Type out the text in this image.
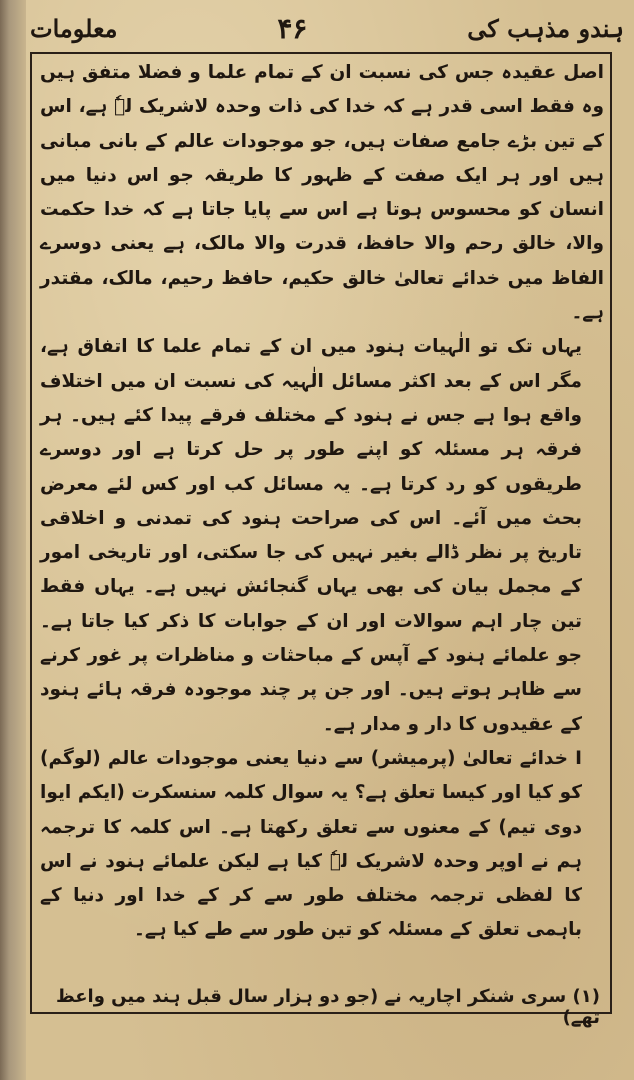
ہندو مذہب کی
۴۶
معلومات

اصل عقیدہ جس کی نسبت ان کے تمام علما و فضلا متفق ہیں وہ فقط اسی قدر ہے کہ خدا کی ذات وحدہ لاشریک لہٗ ہے، اس کے تین بڑے جامع صفات ہیں، جو موجودات عالم کے بانی مبانی ہیں اور ہر ایک صفت کے ظہور کا طریقہ جو اس دنیا میں انسان کو محسوس ہوتا ہے اس سے پایا جاتا ہے کہ خدا حکمت والا، خالق رحم والا حافظ، قدرت والا مالک، ہے یعنی دوسرے الفاظ میں خدائے تعالیٰ خالق حکیم، حافظ رحیم، مالک، مقتدر ہے۔

یہاں تک تو الٰہیات ہنود میں ان کے تمام علما کا اتفاق ہے، مگر اس کے بعد اکثر مسائل الٰہیہ کی نسبت ان میں اختلاف واقع ہوا ہے جس نے ہنود کے مختلف فرقے پیدا کئے ہیں۔ ہر فرقہ ہر مسئلہ کو اپنے طور پر حل کرتا ہے اور دوسرے طریقوں کو رد کرتا ہے۔ یہ مسائل کب اور کس لئے معرض بحث میں آئے۔ اس کی صراحت ہنود کی تمدنی و اخلاقی تاریخ پر نظر ڈالے بغیر نہیں کی جا سکتی، اور تاریخی امور کے مجمل بیان کی بھی یہاں گنجائش نہیں ہے۔ یہاں فقط تین چار اہم سوالات اور ان کے جوابات کا ذکر کیا جاتا ہے۔ جو علمائے ہنود کے آپس کے مباحثات و مناظرات پر غور کرنے سے ظاہر ہوتے ہیں۔ اور جن پر چند موجودہ فرقہ ہائے ہنود کے عقیدوں کا دار و مدار ہے۔

I خدائے تعالیٰ (پرمیشر) سے دنیا یعنی موجودات عالم (لوگم) کو کیا اور کیسا تعلق ہے؟ یہ سوال کلمہ سنسکرت (ایکم ایوا دوی تیم) کے معنوں سے تعلق رکھتا ہے۔ اس کلمہ کا ترجمہ ہم نے اوپر وحدہ لاشریک لہٗ کیا ہے لیکن علمائے ہنود نے اس کا لفظی ترجمہ مختلف طور سے کر کے خدا اور دنیا کے باہمی تعلق کے مسئلہ کو تین طور سے طے کیا ہے۔

(۱) سری شنکر اچاریہ نے (جو دو ہزار سال قبل ہند میں واعظ تھے)
